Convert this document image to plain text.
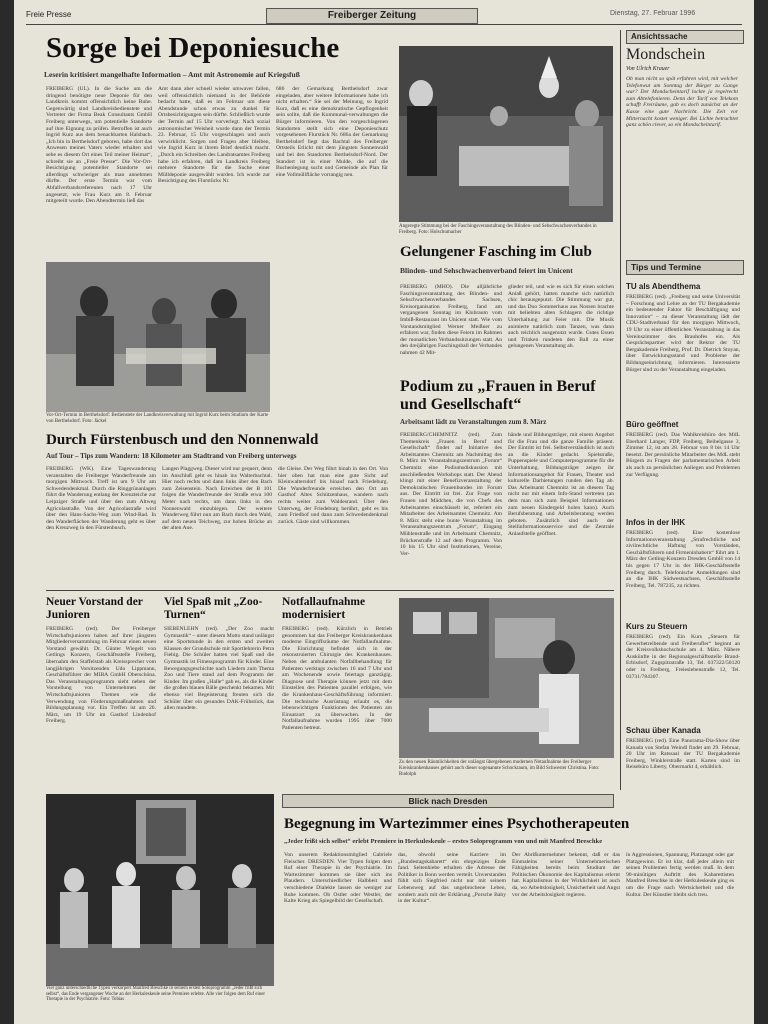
Freie Presse	Freiberger Zeitung	Dienstag, 27. Februar 1996
Sorge bei Deponiesuche
Leserin kritisiert mangelhafte Information – Amt mit Astronomie auf Kriegsfuß
FREIBERG (UL). In die Suche um die dringend benötigte neue Deponie für den Landkreis kommt offensichtlich keine Ruhe. Gegenwärtig sind Landkreisbedienstete und Vertreter der Firma Beak Consultants GmbH Freiberg unterwegs, um potentielle Standorte auf ihre Eignung zu prüfen. Betroffen ist auch Ingrid Kurz aus dem benachbarten Halsbach. „Ich bin in Berthelsdorf geboren, habe dort das Anwesen meines Vaters wieder erhalten und sehe es diesem Ort eines Teil meiner Heimat“, schreibt sie an „Freie Presse“. Die Vor-Ort-Besichtigung potentieller Standorte sei allerdings schwieriger als man annehmen dürfte. Der erste Termin war vom Abfallverbandsreferenten nach 17 Uhr angesetzt, wie Frau Kurz am 8. Februar mitgeteilt wurde. Den Abendtermin ließ das
Amt dann aber schnell wieder umwaver fallen, weil offensichtlich niemand in der Behörde bedacht hatte, daß es im Februar um diese Abendstunde schon etwas zu dunkel für Ortsbesichtigungen sein dürfte. Schließlich wurde der Termin auf 15 Uhr vorverlegt. Nach sozial astronomischer Weisheit wurde dann der Termin 23. Februar, 15 Uhr vorgeschlagen und auch verwirklicht. Sorgen und Fragen aber bleiben, wie Ingrid Kurz in ihrem Brief deutlich macht. „Durch ein Schreiben des Landratsamtes Freiberg habe ich erfahren, daß im Landkreis Freiberg mehrere Standorte für die Suche einer Mülldeponie ausgewählt wurden. Ich wurde zur Besichtigung des Flurstücks Nr.
686 der Gemarkung Berthelsdorf zwar eingeladen, aber weitere Informationen habe ich nicht erhalten.“ Sie sei der Meinung, so Ingrid Kurz, daß es eine demokratische Gepflogenheit sein sollte, daß die Kommunal-verwaltungen die Bürger informieren. Von den vorgeschlagenen Standorten stellt sich eine Deponieschutz vorgesehenen Flurstück Nr. 686a der Gemarkung Berthelsdorf liegt das Bachtal des Freiberger Ortsteils Erlicht mit dem jüngsten Sonnenwald und bei den Standorten Berthelsdorf-Nord. Der Standort ist in einer Mulde, die auf die Buchenlegung sucht und Gemeinde als Plan für eine Vollmüllfläche vorrangig neu.
Vor-Ort-Termin in Berthelsdorf: Bedienstete der Landkreisverwaltung mit Ingrid Kurz beim Studium der Karte von Berthelsdorf. Foto: Jäckel
Angeregte Stimmung bei der Faschingsveranstaltung des Blinden- und Sehschwachenverbandes in Freiberg. Foto: Holschumacher
Gelungener Fasching im Club
Blinden- und Sehschwachenverband feiert im Unicent
FREIBERG (MHO). Die alljährliche Faschingsveranstaltung des Blinden- und Sehschwachenverbandes Sachsen, Kreisorganisation Freiberg, fand am vergangenen Sonntag im Klubraum vom Imbiß-Restaurant im Unicent statt. Wie vom Vorstandsmitglied Werner Meißner zu erfahren war, finden diese Feiern im Rahmen der monatlichen Verbandssitzungen statt. An den dreijährigen Faschingsball der Verbandes nahmen 42 Mit-
glieder teil, und wie es sich für einen solchen Anlaß gehört, hatten manche sich natürlich chic herausgeputzt. Die Stimmung war gut, und das Duo Sommerhaus aus Nossen brachte mit beliebten alten Schlagern die richtige Unterhaltung zur Feier mit. Die Musik animierte natürlich zum Tanzen, was dann auch reichlich ausgenutzt wurde. Gutes Essen und Trinken rundeten den Ball zu einer gelungenen Veranstaltung ab.
Podium zu „Frauen in Beruf und Gesellschaft“
Arbeitsamt lädt zu Veranstaltungen zum 8. März
FREIBERG/CHEMNITZ (red). Zum Themenkreis „Frauen in Beruf und Gesellschaft“ findet auf Initiative des Arbeitsamtes Chemnitz am Nachmittag des 8. März im Veranstaltungszentrum „Forum“ Chemnitz eine Podiumsdiskussion mit anschließenden Workshops statt. Der Abend klingt mit einer Benefizveranstaltung der Demokratischen Frauenbundes im Forum aus. Der Eintritt ist frei. Zur Frage von Frauen und Mädchen, die von Chefs des Arbeitsamtes einschüsselt ist, referiert ein Mitarbeiter des Arbeitsamtes Chemnitz. Am 8. März steht eine bunte Veranstaltung im Veranstaltungszentrum „Forum“, Eingang Mühlenstraße und im Arbeitsamt Chemnitz, Brückenstraße 12 auf dem Programm. Von 10 bis 15 Uhr sind Institutionen, Vereine, Ver-
bände und Bildungsträger, mit einem Angebot für die Frau und die ganze Familie präsent. Der Eintritt ist frei. Selbstverständlich ist auch an die Kinder gedacht. Spielstraße, Puppenspiele und Computerprogramme für die Unterhaltung. Bildungsträger zeigen ihr Informationsangebot für Frauen, Theater und kulturelle Darbietungen runden den Tag ab. Das Arbeitsamt Chemnitz ist an diesem Tag nicht nur mit einem Info-Stand vertreten (an dem man sich zum Beispiel Informationen zum neuen Kindergeld holen kann). Auch Berufsberatung und Arbeitsberatung werden geboten. Zusätzlich sind auch der Stellinformationsservice und die Zentrale Anlaufstelle geöffnet.
Durch Fürstenbusch und den Nonnenwald
Auf Tour – Tips zum Wandern: 18 Kilometer am Stadtrand von Freiberg unterwegs
FREIBERG (WK). Eine Tageswanderung veranstalten die Freiberger Wanderfreunde am morgigen Mittwoch. Treff ist um 9 Uhr am Schwedendenkmal. Durch die Ringgrünanlagen führt die Wanderung entlang der Kreuzteiche zur Leipziger Straße und über den zum Altweg Agricolastraße. Von der Agricolastraße wird über den Hans-Sachs-Weg zum Wind-Rad. In den Wanderflächen der Wanderung geht es über den Kreuzweg in den Fürstenbusch.
Langen Plaggweg. Dieser wird nur gequert, denn im Anschluß geht es hinab ins Walterbachtal. Hier noch rechts und dann links über den Bach zum Zeisenstein. Nach Erreichen der B 101 folgen die Wanderfreunde der Straße etwa 100 Meter nach rechts, um dann links in den Nonnenwald einzubiegen. Der weitere Wanderweg führt nun am Bach durch den Wald, auf dem neuen Teichweg, zur hohen Brücke an der alten Aue.
die Gleise. Der Weg führt hinab in den Ort. Von hier oben hat man eine gute Sicht auf Kleinwaltersdorf bis hinauf nach Friedeburg. Die Wanderfreunde erreichen den Ort am Gasthof Altes Schützenhaus, wandern nach rechts weiter zum Waldesrand. Über den Unterweg, der Friedeburg berührt, geht es bis zum Friedhof und dann zum Schwedendenkmal zurück. Gäste sind willkommen.
Neuer Vorstand der Junioren
FREIBERG (red). Der Freiberger Wirtschaftsjunioren haben auf ihrer jüngsten Mitgliederversammlung im Februar einen neuen Vorstand gewählt. Dr. Günter Wiegelt von Getlings Konzern, Geschäftsstelle Freiberg, übernahm den Staffelstab als Kreissprecher vom langjährigen Vorsitzenden Udo Lippmann, Geschäftsführer der MIBA GmbH Oberschöna. Das Veranstaltungsprogramm sieht neben der Vorstellung von Unternehmen der Wirtschaftsjunioren Themen wie die Verwendung von Förderungsmaßnahmen und Bildungsplanung vor. Ein Treffen ist am 26. März, um 19 Uhr im Gasthof Lindenhof Freiberg.
Viel Spaß mit „Zoo-Turnen“
SIEBENLEHN (red). „Der Zoo macht Gymnastik“ – unter diesem Motto stand unlängst eine Sportstunde in den ersten und zweiten Klassen der Grundschule mit Sportlehrerin Petra Fiebig. Die Schüler hatten viel Spaß und die Gymnastik ist Fitnessprogramm für Kinder. Eine Bewegungsgeschichte nach Liedern zum Thema Zoo und Tiere stand auf dem Programm der Kinder. Im großen „Halle“ gab es, als die Kinder die großen blauen Bälle geschenkt bekamen. Mit ebenso viel Begeisterung freuten sich die Schüler über ein gesundes DAK-Frühstück, das allen mundete.
Notfallaufnahme modernisiert
FREIBERG (red). Kürzlich in Betrieb genommen hat das Freiberger Kreiskrankenhaus moderne Eingriffsräume der Notfallaufnahme. Die Einrichtung befindet sich in der rekonstruierten Chirurgie des Krankenhauses. Neben der ambulanten Notfallbehandlung für Patienten werktags zwischen 16 und 7 Uhr und am Wochenende sowie feiertags ganztägig. Diagnose und Therapie können jetzt mit dem Einstellen des Patienten parallel erfolgen, wie die Krankenhaus-Geschäftsführung informiert. Die technische Ausrüstung erlaubt es, die lebenswichtigen Funktionen des Patienten am Einsatzort zu überwachen. In der Notfallaufnahme wurden 1995 über 7000 Patienten betreut.
Zu den neuen Räumlichkeiten der unlängst übergebenen modernen Notaufnahme des Freiberger Kreiskrankenhauses gehört auch dieser sogenannte Schockraum, im Bild Schwester Christina. Foto: Rudolph
Blick nach Dresden
Vier ganz unterschiedliche Typen verkörpert Manfred Breschke in seinem ersten Soloprogramm „Jeder frißt sich selbst“, das Ende vergangener Woche an der Herkuleskeule seine Premiere erlebte. Alle vier folgen dem Ruf einer Therapie in der Psychiatrie. Foto: Tobias
Begegnung im Wartezimmer eines Psychotherapeuten
„Jeder frißt sich selbst“ erlebt Premiere in Herkuleskeule – erstes Soloprogramm von und mit Manfred Breschke
Von unserem Redaktionsmitglied Gabriele Fleischer. DRESDEN. Vier Typen folgen dem Ruf einer Therapie in der Psychiatrie. Im Wartezimmer kommen sie über sich ins Plaudern. Unterschiedlicher Halbheit und verschiedene Dialekte lassen sie weniger zur Ruhe kommen. Ob Ostler oder Westler, der Kalte Krieg als Spiegelbild der Gesellschaft.
das, obwohl seine Karriere im „Bundestagskabarett“ ein ehrgeiziges Ende fand. Seitenhiebe erhalten die Adresse der Politiker in Bonn werden verteilt. Unverstanden fühlt sich Siegfried nicht nur mit seinem Lebensweg auf das ungebrochene Leben, sondern auch mit der Erklärung „Porsche Baby in der Kultur“.
Der Abrißunternehmer bekennt, daß er das Einmaleins seiner Unternehmerischen Fähigkeiten bereits beim Studium der Politischen Ökonomie des Kapitalismus erlernt hat. Kapitalismus in der Wirklichkeit ist auch da, wo Arbeitslosigkeit, Unsicherheit und Angst vor der Arbeitslosigkeit regieren.
in Aggressionen, Spannung, Platzangst oder gar Platzgewinn. Er ist klar, daß jeder allein mit seinen Problemen fertig werden muß. In dem 90-minütigen Auftritt des Kabarettisten Manfred Breschke in der Herkuleskeule ging es um die Frage nach Wertsicherheit und die Kultur. Der Künstler bleibt sich treu.
Ansichtssache
Mondschein
Von Ulrich Krauer
Ob man nicht so spät erfahren wird, mit welcher Telefonwut am Sonntag der Bürger zu Gange war? Der Mondscheintarif lockte ja regelrecht zum Abtelefonieren. Denn der Tarif von Telekom schafft Freiräume, gab es doch zunächst an der Kasse eine gute Nachricht. Die Zeit vor Mitternacht kostet weniger. Bei Lichte betrachtet ganz schön clever, so ein Mondscheintarif.
Tips und Termine
TU als Abendthema
FREIBERG (red). „Freiberg und seine Universität – Forschung und Lehre an der TU Bergakademie ein bedeutender Faktor für Beschäftigung und Innovation“ – zu dieser Veranstaltung lädt der CDU-Stadtverband für den morgigen Mittwoch, 19 Uhr zu einer öffentlichen Veranstaltung in das Vereinszimmer des Brauhofes ein. Als Gesprächspartner wird der Rektor der TU Bergakademie Freiberg, Prof. Dr. Dietrich Stoyan, über Entwicklungsstand und Probleme der Bildungseinrichtung informieren. Interessierte Bürger sind zu der Veranstaltung eingeladen.
Büro geöffnet
FREIBERG (red). Das Wahlkreisbüro des MdL Eberhard Langer, FDP, Freiberg, Beibelgasse 3, Zimmer 12, ist am 28. Februar von 8 bis 14 Uhr besetzt. Der persönliche Mitarbeiter des MdL steht Bürgern zu Fragen der parlamentarischen Arbeit als auch zu persönlichen Anliegen und Problemen zur Verfügung.
Infos in der IHK
FREIBERG (red). Eine kostenlose Informationsveranstaltung „Strafrechtliche und zivilrechtliche Haftung von Vorständen, Geschäftsführern und Firmeninhabern“ führt am 1. März der Getling-Konzern Dresden GmbH von 14 bis gegen 17 Uhr in der IHK-Geschäftsstelle Freiberg durch. Telefonische Anmeldungen sind an die IHK Südwestsachsen, Geschäftsstelle Freiberg, Tel. 787235, zu richten.
Kurs zu Steuern
FREIBERG (red). Ein Kurs „Steuern für Gewerbetreibende und Freiberufler“ beginnt an der Kreisvolkshochschule am 4. März. Nähere Auskünfte in der Regionalgeschäftsstelle Brand-Erbisdorf, Zugspitzstraße 13, Tel. 037322/50120 oder in Freiberg, Freieslebenstraße 12, Tel. 03731/784307.
Schau über Kanada
FREIBERG (red). Eine Panorama-Dia-Show über Kanada von Stefan Weindl findet am 29. Februar, 20 Uhr im Ratssaal der TU Bergakademie Freiberg, Winklerstraße statt. Karten sind im Reisebüro Liberty, Obermarkt 4, erhältlich.
